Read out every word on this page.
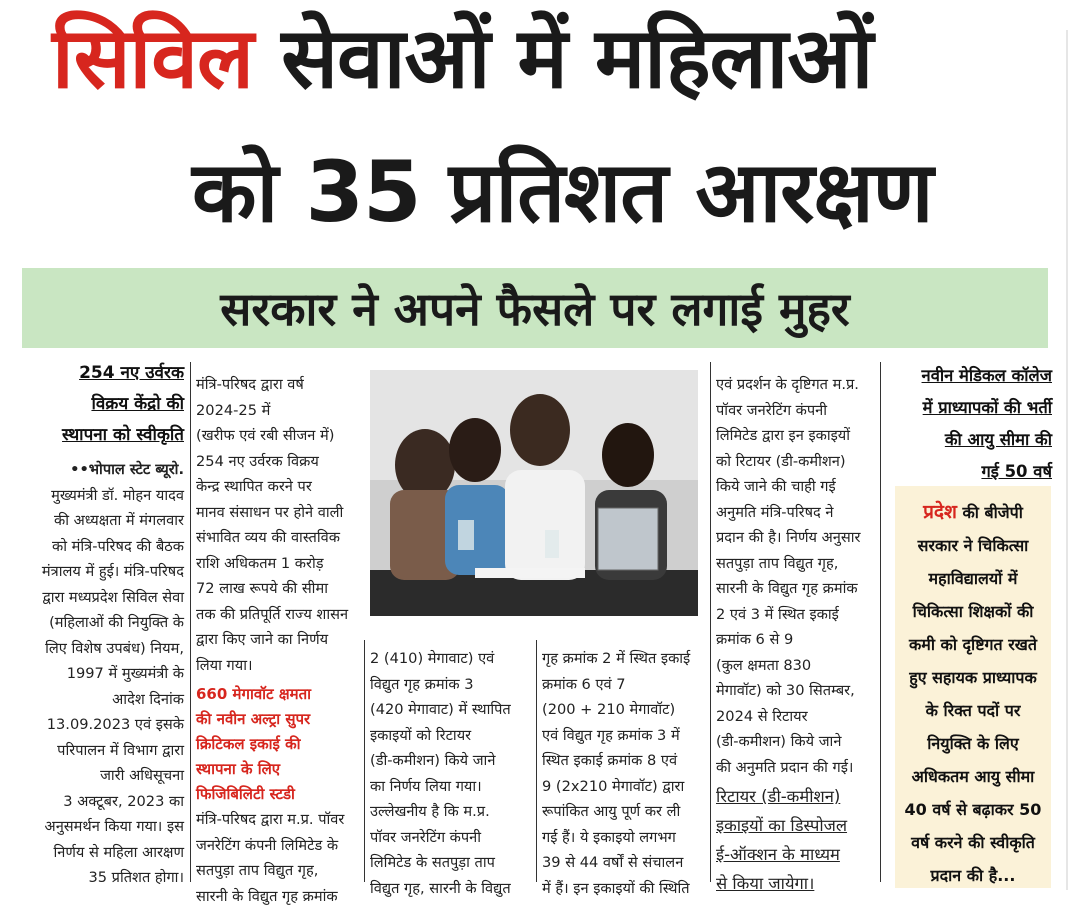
सिविल सेवाओं में महिलाओं
को 35 प्रतिशत आरक्षण
सरकार ने अपने फैसले पर लगाई मुहर
254 नए उर्वरक
विक्रय केंद्रो की
स्थापना को स्वीकृति

••भोपाल स्टेट ब्यूरो.

मुख्यमंत्री डॉ. मोहन यादव

की अध्यक्षता में मंगलवार

को मंत्रि-परिषद की बैठक

मंत्रालय में हुई। मंत्रि-परिषद

द्वारा मध्यप्रदेश सिविल सेवा

(महिलाओं की नियुक्ति के

लिए विशेष उपबंध) नियम,

1997 में मुख्यमंत्री के

आदेश दिनांक

13.09.2023 एवं इसके

परिपालन में विभाग द्वारा

जारी अधिसूचना

3 अक्टूबर, 2023 का

अनुसमर्थन किया गया। इस

निर्णय से महिला आरक्षण

35 प्रतिशत होगा।

मंत्रि-परिषद द्वारा वर्ष

2024-25 में

(खरीफ एवं रबी सीजन में)

254 नए उर्वरक विक्रय

केन्द्र स्थापित करने पर

मानव संसाधन पर होने वाली

संभावित व्यय की वास्तविक

राशि अधिकतम 1 करोड़

72 लाख रूपये की सीमा

तक की प्रतिपूर्ति राज्य शासन

द्वारा किए जाने का निर्णय

लिया गया।

660 मेगावॉट क्षमता
की नवीन अल्ट्रा सुपर
क्रिटिकल इकाई की
स्थापना के लिए
फिजिबिलिटी स्टडी

मंत्रि-परिषद द्वारा म.प्र. पॉवर

जनरेटिंग कंपनी लिमिटेड के

सतपुड़ा ताप विद्युत गृह,

सारनी के विद्युत गृह क्रमांक

2 (410) मेगावाट) एवं

विद्युत गृह क्रमांक 3

(420 मेगावाट) में स्थापित

इकाइयों को रिटायर

(डी-कमीशन) किये जाने

का निर्णय लिया गया।

उल्लेखनीय है कि म.प्र.

पॉवर जनरेटिंग कंपनी

लिमिटेड के सतपुड़ा ताप

विद्युत गृह, सारनी के विद्युत

गृह क्रमांक 2 में स्थित इकाई

क्रमांक 6 एवं 7

(200 + 210 मेगावॉट)

एवं विद्युत गृह क्रमांक 3 में

स्थित इकाई क्रमांक 8 एवं

9 (2x210 मेगावॉट) द्वारा

रूपांकित आयु पूर्ण कर ली

गई हैं। ये इकाइयो लगभग

39 से 44 वर्षों से संचालन

में हैं। इन इकाइयों की स्थिति

एवं प्रदर्शन के दृष्टिगत म.प्र.

पॉवर जनरेटिंग कंपनी

लिमिटेड द्वारा इन इकाइयों

को रिटायर (डी-कमीशन)

किये जाने की चाही गई

अनुमति मंत्रि-परिषद ने

प्रदान की है। निर्णय अनुसार

सतपुड़ा ताप विद्युत गृह,

सारनी के विद्युत गृह क्रमांक

2 एवं 3 में स्थित इकाई

क्रमांक 6 से 9

(कुल क्षमता 830

मेगावॉट) को 30 सितम्बर,

2024 से रिटायर

(डी-कमीशन) किये जाने

की अनुमति प्रदान की गई।

रिटायर (डी-कमीशन)
इकाइयों का डिस्पोजल
ई-ऑक्शन के माध्यम
से किया जायेगा।
नवीन मेडिकल कॉलेज
में प्राध्यापकों की भर्ती
की आयु सीमा की
गई 50 वर्ष
प्रदेश की बीजेपी
सरकार ने चिकित्सा
महाविद्यालयों में
चिकित्सा शिक्षकों की
कमी को दृष्टिगत रखते
हुए सहायक प्राध्यापक
के रिक्त पदों पर
नियुक्ति के लिए
अधिकतम आयु सीमा
40 वर्ष से बढ़ाकर 50
वर्ष करने की स्वीकृति
प्रदान की है...
